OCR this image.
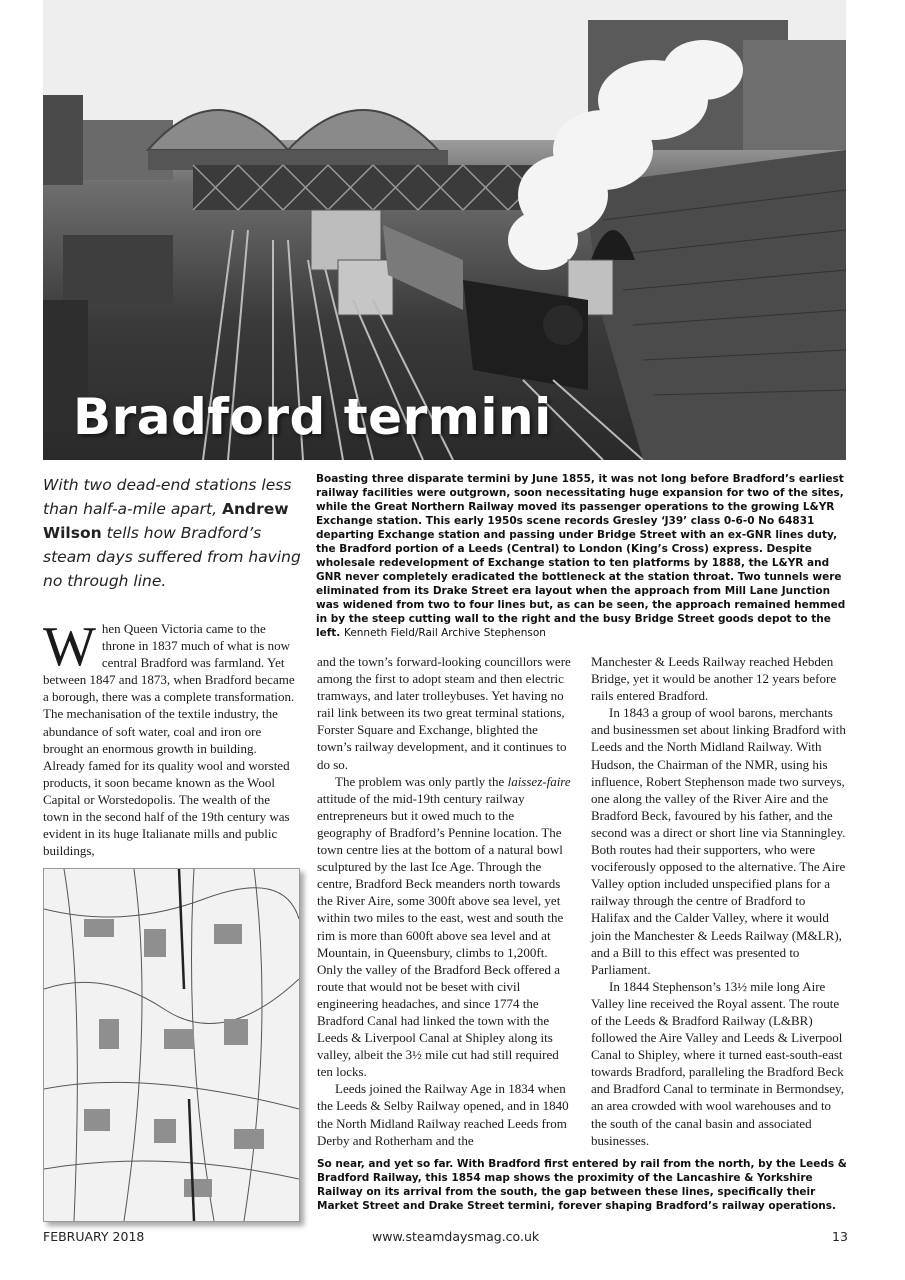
Bradford termini
With two dead-end stations less than half-a-mile apart, Andrew Wilson tells how Bradford’s steam days suffered from having no through line.
Boasting three disparate termini by June 1855, it was not long before Bradford’s earliest railway facilities were outgrown, soon necessitating huge expansion for two of the sites, while the Great Northern Railway moved its passenger operations to the growing L&YR Exchange station. This early 1950s scene records Gresley ‘J39’ class 0-6-0 No 64831 departing Exchange station and passing under Bridge Street with an ex-GNR lines duty, the Bradford portion of a Leeds (Central) to London (King’s Cross) express. Despite wholesale redevelopment of Exchange station to ten platforms by 1888, the L&YR and GNR never completely eradicated the bottleneck at the station throat. Two tunnels were eliminated from its Drake Street era layout when the approach from Mill Lane Junction was widened from two to four lines but, as can be seen, the approach remained hemmed in by the steep cutting wall to the right and the busy Bridge Street goods depot to the left. Kenneth Field/Rail Archive Stephenson

When Queen Victoria came to the throne in 1837 much of what is now central Bradford was farmland. Yet between 1847 and 1873, when Bradford became a borough, there was a complete transformation. The mechanisation of the textile industry, the abundance of soft water, coal and iron ore brought an enormous growth in building. Already famed for its quality wool and worsted products, it soon became known as the Wool Capital or Worstedopolis. The wealth of the town in the second half of the 19th century was evident in its huge Italianate mills and public buildings,

and the town’s forward-looking councillors were among the first to adopt steam and then electric tramways, and later trolleybuses. Yet having no rail link between its two great terminal stations, Forster Square and Exchange, blighted the town’s railway development, and it continues to do so.

The problem was only partly the laissez-faire attitude of the mid-19th century railway entrepreneurs but it owed much to the geography of Bradford’s Pennine location. The town centre lies at the bottom of a natural bowl sculptured by the last Ice Age. Through the centre, Bradford Beck meanders north towards the River Aire, some 300ft above sea level, yet within two miles to the east, west and south the rim is more than 600ft above sea level and at Mountain, in Queensbury, climbs to 1,200ft. Only the valley of the Bradford Beck offered a route that would not be beset with civil engineering headaches, and since 1774 the Bradford Canal had linked the town with the Leeds & Liverpool Canal at Shipley along its valley, albeit the 3½ mile cut had still required ten locks.

Leeds joined the Railway Age in 1834 when the Leeds & Selby Railway opened, and in 1840 the North Midland Railway reached Leeds from Derby and Rotherham and the

Manchester & Leeds Railway reached Hebden Bridge, yet it would be another 12 years before rails entered Bradford.

In 1843 a group of wool barons, merchants and businessmen set about linking Bradford with Leeds and the North Midland Railway. With Hudson, the Chairman of the NMR, using his influence, Robert Stephenson made two surveys, one along the valley of the River Aire and the Bradford Beck, favoured by his father, and the second was a direct or short line via Stanningley. Both routes had their supporters, who were vociferously opposed to the alternative. The Aire Valley option included unspecified plans for a railway through the centre of Bradford to Halifax and the Calder Valley, where it would join the Manchester & Leeds Railway (M&LR), and a Bill to this effect was presented to Parliament.

In 1844 Stephenson’s 13½ mile long Aire Valley line received the Royal assent. The route of the Leeds & Bradford Railway (L&BR) followed the Aire Valley and Leeds & Liverpool Canal to Shipley, where it turned east-south-east towards Bradford, paralleling the Bradford Beck and Bradford Canal to terminate in Bermondsey, an area crowded with wool warehouses and to the south of the canal basin and associated businesses.

So near, and yet so far. With Bradford first entered by rail from the north, by the Leeds & Bradford Railway, this 1854 map shows the proximity of the Lancashire & Yorkshire Railway on its arrival from the south, the gap between these lines, specifically their Market Street and Drake Street termini, forever shaping Bradford’s railway operations.
FEBRUARY 2018	www.steamdaysmag.co.uk	13
